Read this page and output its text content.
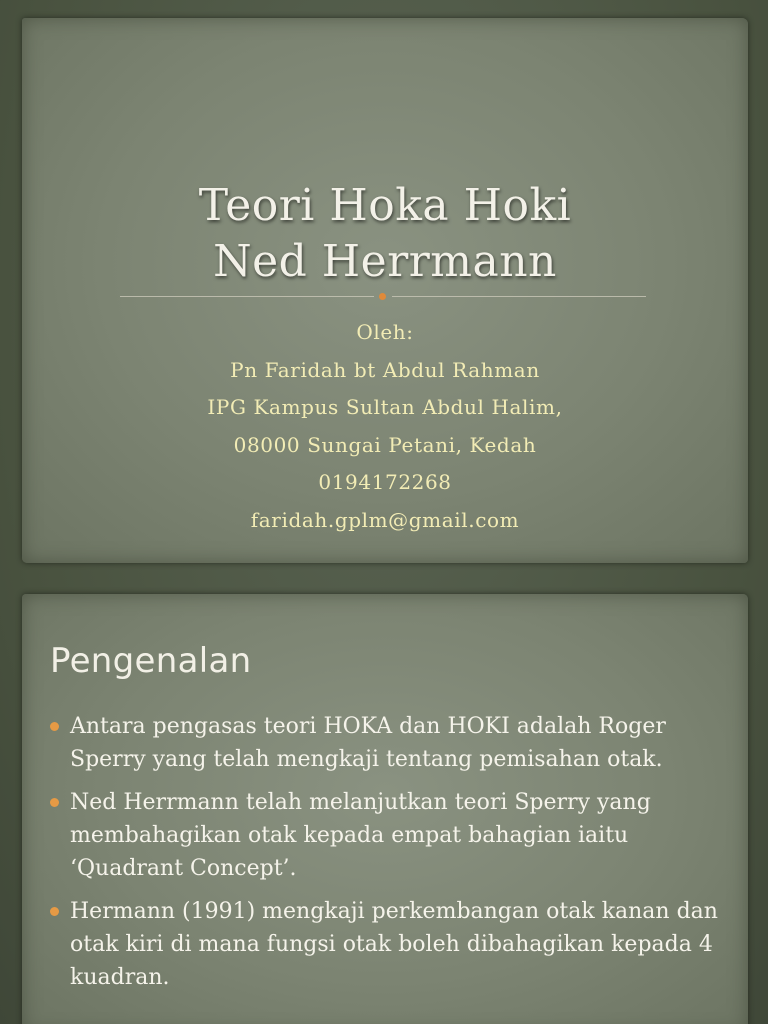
Teori Hoka Hoki
Ned Herrmann
Oleh:
Pn Faridah bt Abdul Rahman
IPG Kampus Sultan Abdul Halim,
08000 Sungai Petani, Kedah
0194172268
faridah.gplm@gmail.com
Pengenalan
Antara pengasas teori HOKA dan HOKI adalah Roger Sperry yang telah mengkaji tentang pemisahan otak.
Ned Herrmann telah melanjutkan teori Sperry yang membahagikan otak kepada empat bahagian iaitu ‘Quadrant Concept’.
Hermann (1991) mengkaji perkembangan otak kanan dan otak kiri di mana fungsi otak boleh dibahagikan kepada 4 kuadran.
